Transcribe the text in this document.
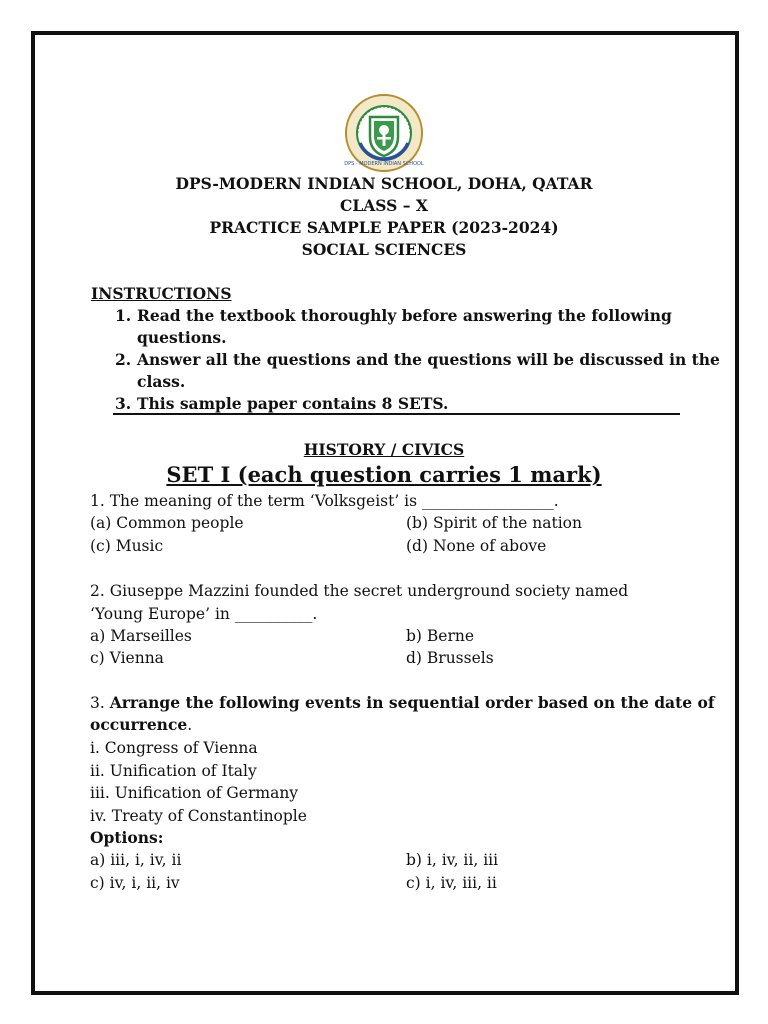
DPS - MODERN INDIAN SCHOOL
DPS-MODERN INDIAN SCHOOL, DOHA, QATAR
CLASS – X
PRACTICE SAMPLE PAPER (2023-2024)
SOCIAL SCIENCES
INSTRUCTIONS
1. Read the textbook thoroughly before answering the following
questions.
2. Answer all the questions and the questions will be discussed in the
class.
3. This sample paper contains 8 SETS.
HISTORY / CIVICS
SET I (each question carries 1 mark)
1. The meaning of the term ‘Volksgeist’ is _________________.
(a) Common people	(b) Spirit of the nation
(c) Music	(d) None of above
2. Giuseppe Mazzini founded the secret underground society named
‘Young Europe’ in __________.
a) Marseilles	b) Berne
c) Vienna	d) Brussels
3. Arrange the following events in sequential order based on the date of
occurrence.
i. Congress of Vienna
ii. Unification of Italy
iii. Unification of Germany
iv. Treaty of Constantinople
Options:
a) iii, i, iv, ii	b) i, iv, ii, iii
c) iv, i, ii, iv	c) i, iv, iii, ii
